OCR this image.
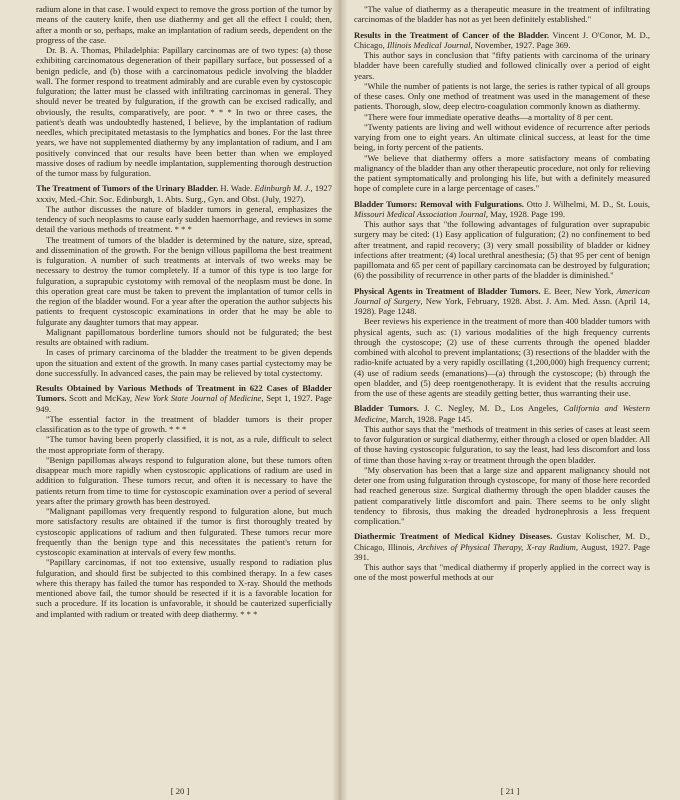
radium alone in that case. I would expect to remove the gross portion of the tumor by means of the cautery knife, then use diathermy and get all the effect I could; then, after a month or so, perhaps, make an implantation of radium seeds, dependent on the progress of the case.

Dr. B. A. Thomas, Philadelphia: Papillary carcinomas are of two types: (a) those exhibiting carcinomatous degeneration of their papillary surface, but possessed of a benign pedicle, and (b) those with a carcinomatous pedicle involving the bladder wall. The former respond to treatment admirably and are curable even by cystoscopic fulguration; the latter must be classed with infiltrating carcinomas in general. They should never be treated by fulguration, if the growth can be excised radically, and obviously, the results, comparatively, are poor. * * * In two or three cases, the patient's death was undoubtedly hastened, I believe, by the implantation of radium needles, which precipitated metastasis to the lymphatics and bones. For the last three years, we have not supplemented diathermy by any implantation of radium, and I am positively convinced that our results have been better than when we employed massive doses of radium by needle implantation, supplementing thorough destruction of the tumor mass by fulguration.

The Treatment of Tumors of the Urinary Bladder. H. Wade. Edinburgh M. J., 1927 xxxiv, Med.-Chir. Soc. Edinburgh, 1. Abts. Surg., Gyn. and Obst. (July, 1927).

The author discusses the nature of bladder tumors in general, emphasizes the tendency of such neoplasms to cause early sudden haemorrhage, and reviews in some detail the various methods of treatment. * * *

The treatment of tumors of the bladder is determined by the nature, size, spread, and dissemination of the growth. For the benign villous papilloma the best treatment is fulguration. A number of such treatments at intervals of two weeks may be necessary to destroy the tumor completely. If a tumor of this type is too large for fulguration, a suprapubic cystotomy with removal of the neoplasm must be done. In this operation great care must be taken to prevent the implantation of tumor cells in the region of the bladder wound. For a year after the operation the author subjects his patients to frequent cystoscopic examinations in order that he may be able to fulgurate any daughter tumors that may appear.

Malignant papillomatous borderline tumors should not be fulgurated; the best results are obtained with radium.

In cases of primary carcinoma of the bladder the treatment to be given depends upon the situation and extent of the growth. In many cases partial cystectomy may be done successfully. In advanced cases, the pain may be relieved by total cystectomy.

Results Obtained by Various Methods of Treatment in 622 Cases of Bladder Tumors. Scott and McKay, New York State Journal of Medicine, Sept 1, 1927. Page 949.

"The essential factor in the treatment of bladder tumors is their proper classification as to the type of growth. * * *

"The tumor having been properly classified, it is not, as a rule, difficult to select the most appropriate form of therapy.

"Benign papillomas always respond to fulguration alone, but these tumors often disappear much more rapidly when cystoscopic applications of radium are used in addition to fulguration. These tumors recur, and often it is necessary to have the patients return from time to time for cystoscopic examination over a period of several years after the primary growth has been destroyed.

"Malignant papillomas very frequently respond to fulguration alone, but much more satisfactory results are obtained if the tumor is first thoroughly treated by cystoscopic applications of radium and then fulgurated. These tumors recur more frequently than the benign type and this necessitates the patient's return for cystoscopic examination at intervals of every few months.

"Papillary carcinomas, if not too extensive, usually respond to radiation plus fulguration, and should first be subjected to this combined therapy. In a few cases where this therapy has failed the tumor has responded to X-ray. Should the methods mentioned above fail, the tumor should be resected if it is a favorable location for such a procedure. If its location is unfavorable, it should be cauterized superficially and implanted with radium or treated with deep diathermy. * * *

[ 20 ]

"The value of diathermy as a therapeutic measure in the treatment of infiltrating carcinomas of the bladder has not as yet been definitely established."

Results in the Treatment of Cancer of the Bladder. Vincent J. O'Conor, M. D., Chicago, Illinois Medical Journal, November, 1927. Page 369.

This author says in conclusion that "fifty patients with carcinoma of the urinary bladder have been carefully studied and followed clinically over a period of eight years.

"While the number of patients is not large, the series is rather typical of all groups of these cases. Only one method of treatment was used in the management of these patients. Thorough, slow, deep electro-coagulation commonly known as diathermy.

"There were four immediate operative deaths—a mortality of 8 per cent.

"Twenty patients are living and well without evidence of recurrence after periods varying from one to eight years. An ultimate clinical success, at least for the time being, in forty percent of the patients.

"We believe that diathermy offers a more satisfactory means of combating malignancy of the bladder than any other therapeutic procedure, not only for relieving the patient symptomatically and prolonging his life, but with a definitely measured hope of complete cure in a large percentage of cases."

Bladder Tumors: Removal with Fulgurations. Otto J. Wilhelmi, M. D., St. Louis, Missouri Medical Association Journal, May, 1928. Page 199.

This author says that "the following advantages of fulguration over suprapubic surgery may be cited: (1) Easy application of fulguration; (2) no confinement to bed after treatment, and rapid recovery; (3) very small possibility of bladder or kidney infections after treatment; (4) local urethral anesthesia; (5) that 95 per cent of benign papillomata and 65 per cent of papillary carcinomata can be destroyed by fulguration; (6) the possibility of recurrence in other parts of the bladder is diminished."

Physical Agents in Treatment of Bladder Tumors. E. Beer, New York, American Journal of Surgery, New York, February, 1928. Abst. J. Am. Med. Assn. (April 14, 1928). Page 1248.

Beer reviews his experience in the treatment of more than 400 bladder tumors with physical agents, such as: (1) various modalities of the high frequency currents through the cystoscope; (2) use of these currents through the opened bladder combined with alcohol to prevent implantations; (3) resections of the bladder with the radio-knife actuated by a very rapidly oscillating (1,200,000) high frequency current; (4) use of radium seeds (emanations)—(a) through the cystoscope; (b) through the open bladder, and (5) deep roentgenotherapy. It is evident that the results accruing from the use of these agents are steadily getting better, thus warranting their use.

Bladder Tumors. J. C. Negley, M. D., Los Angeles, California and Western Medicine, March, 1928. Page 145.

This author says that the "methods of treatment in this series of cases at least seem to favor fulguration or surgical diathermy, either through a closed or open bladder. All of those having cystoscopic fulguration, to say the least, had less discomfort and loss of time than those having x-ray or treatment through the open bladder.

"My observation has been that a large size and apparent malignancy should not deter one from using fulguration through cystoscope, for many of those here recorded had reached generous size. Surgical diathermy through the open bladder causes the patient comparatively little discomfort and pain. There seems to be only slight tendency to fibrosis, thus making the dreaded hydronephrosis a less frequent complication."

Diathermic Treatment of Medical Kidney Diseases. Gustav Kolischer, M. D., Chicago, Illinois, Archives of Physical Therapy, X-ray Radium, August, 1927. Page 391.

This author says that "medical diathermy if properly applied in the correct way is one of the most powerful methods at our

[ 21 ]
